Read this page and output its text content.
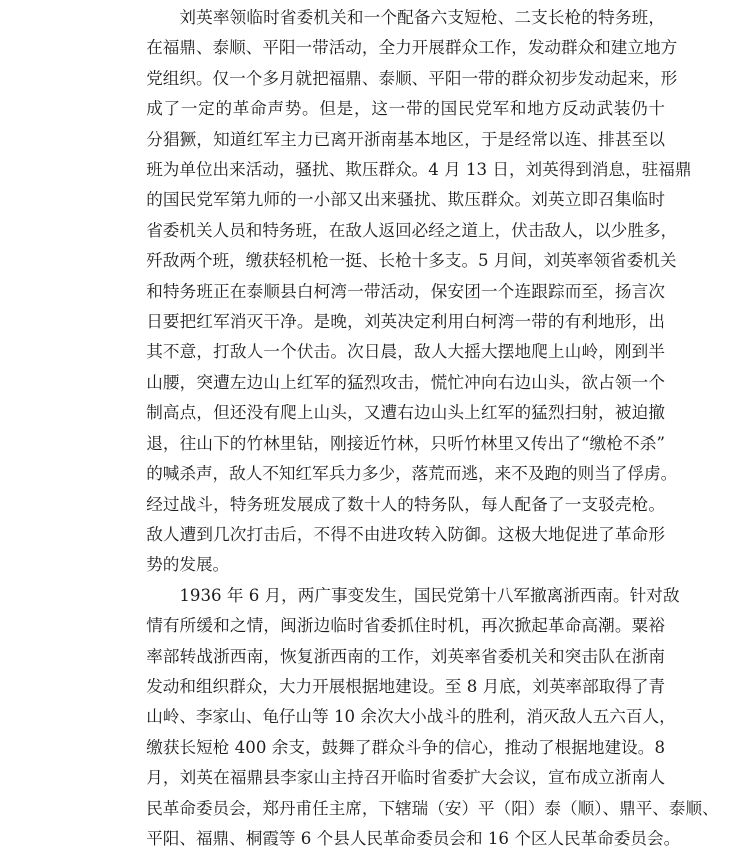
刘英率领临时省委机关和一个配备六支短枪、二支长枪的特务班，
在福鼎、泰顺、平阳一带活动，全力开展群众工作，发动群众和建立地方
党组织。仅一个多月就把福鼎、泰顺、平阳一带的群众初步发动起来，形
成了一定的革命声势。但是，这一带的国民党军和地方反动武装仍十
分猖獗，知道红军主力已离开浙南基本地区，于是经常以连、排甚至以
班为单位出来活动，骚扰、欺压群众。4 月 13 日，刘英得到消息，驻福鼎
的国民党军第九师的一小部又出来骚扰、欺压群众。刘英立即召集临时
省委机关人员和特务班，在敌人返回必经之道上，伏击敌人，以少胜多，
歼敌两个班，缴获轻机枪一挺、长枪十多支。5 月间，刘英率领省委机关
和特务班正在泰顺县白柯湾一带活动，保安团一个连跟踪而至，扬言次
日要把红军消灭干净。是晚，刘英决定利用白柯湾一带的有利地形，出
其不意，打敌人一个伏击。次日晨，敌人大摇大摆地爬上山岭，刚到半
山腰，突遭左边山上红军的猛烈攻击，慌忙冲向右边山头，欲占领一个
制高点，但还没有爬上山头，又遭右边山头上红军的猛烈扫射，被迫撤
退，往山下的竹林里钻，刚接近竹林，只听竹林里又传出了“缴枪不杀”
的喊杀声，敌人不知红军兵力多少，落荒而逃，来不及跑的则当了俘虏。
经过战斗，特务班发展成了数十人的特务队，每人配备了一支驳壳枪。
敌人遭到几次打击后，不得不由进攻转入防御。这极大地促进了革命形
势的发展。
1936 年 6 月，两广事变发生，国民党第十八军撤离浙西南。针对敌
情有所缓和之情，闽浙边临时省委抓住时机，再次掀起革命高潮。粟裕
率部转战浙西南，恢复浙西南的工作，刘英率省委机关和突击队在浙南
发动和组织群众，大力开展根据地建设。至 8 月底，刘英率部取得了青
山岭、李家山、龟仔山等 10 余次大小战斗的胜利，消灭敌人五六百人，
缴获长短枪 400 余支，鼓舞了群众斗争的信心，推动了根据地建设。8
月，刘英在福鼎县李家山主持召开临时省委扩大会议，宣布成立浙南人
民革命委员会，郑丹甫任主席，下辖瑞（安）平（阳）泰（顺）、鼎平、泰顺、
平阳、福鼎、桐霞等 6 个县人民革命委员会和 16 个区人民革命委员会。
